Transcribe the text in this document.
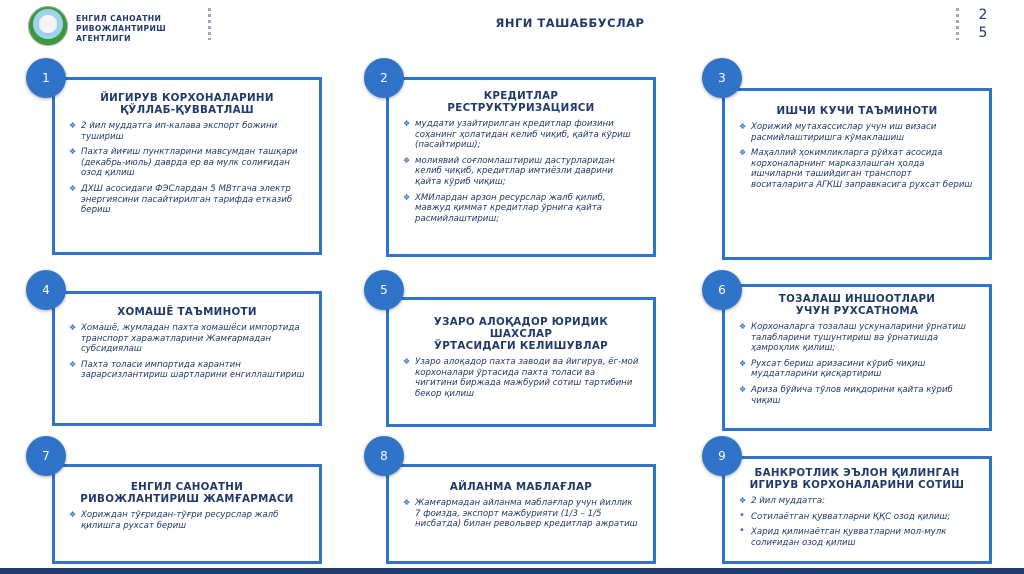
ЕНГИЛ САНОАТНИ
РИВОЖЛАНТИРИШ АГЕНТЛИГИ
ЯНГИ ТАШАББУСЛАР	2
5
1
ЙИГИРУВ КОРХОНАЛАРИНИ
ҚЎЛЛАБ-ҚУВВАТЛАШ
❖ 2 йил муддатга ип-калава экспорт божини тушириш
❖ Пахта йиғиш пунктларини мавсумдан ташқари (декабрь-июль) даврда ер ва мулк солиғидан озод қилиш
❖ ДХШ асосидаги ФЭСлардан 5 МВтгача электр энергиясини пасайтирилган тарифда етказиб бериш
2
КРЕДИТЛАР
РЕСТРУКТУРИЗАЦИЯСИ
❖ муддати узайтирилган кредитлар фоизини соҳанинг ҳолатидан келиб чиқиб, қайта кўриш (пасайтириш);
❖ молиявий соғломлаштириш дастурларидан келиб чиқиб, кредитлар имтиёзли даврини қайта кўриб чиқиш;
❖ ХМИлардан арзон ресурслар жалб қилиб, мавжуд қиммат кредитлар ўрнига қайта расмийлаштириш;
3
ИШЧИ КУЧИ ТАЪМИНОТИ
❖ Хорижий мутахассислар учун иш визаси расмийлаштиришга кўмаклашиш
❖ Маҳаллий ҳокимликларга рўйхат асосида корхоналарнинг марказлашган ҳолда ишчиларни ташийдиган транспорт воситаларига АГКШ заправкасига рухсат бериш
4
ХОМАШЁ ТАЪМИНОТИ
❖ Хомашё, жумладан пахта хомашёси импортида транспорт харажатларини Жамғармадан субсидиялаш
❖ Пахта толаси импортида карантин зарарсизлантириш шартларини енгиллаштириш
5
УЗАРО АЛОҚАДОР ЮРИДИК ШАХСЛАР
ЎРТАСИДАГИ КЕЛИШУВЛАР
❖ Узаро алоқадор пахта заводи ва йигирув, ёг-мой корхоналари ўртасида пахта толаси ва чигитини биржада мажбурий сотиш тартибини бекор қилиш
6
ТОЗАЛАШ ИНШООТЛАРИ
УЧУН РУХСАТНОМА
❖ Корхоналарга тозалаш ускуналарини ўрнатиш талабларини тушунтириш ва ўрнатишда ҳамроҳлик қилиш;
❖ Рухсат бериш аризасини кўриб чиқиш муддатларини қисқартириш
❖ Ариза бўйича тўлов миқдорини қайта кўриб чиқиш
7
ЕНГИЛ САНОАТНИ
РИВОЖЛАНТИРИШ ЖАМҒАРМАСИ
❖ Хориждан тўғридан-тўғри ресурслар жалб қилишга рухсат бериш
8
АЙЛАНМА МАБЛАҒЛАР
❖ Жамғармадан айланма маблағлар учун йиллик 7 фоизда, экспорт мажбурияти (1/3 – 1/5 нисбатда) билан револьвер кредитлар ажратиш
9
БАНКРОТЛИК ЭЪЛОН ҚИЛИНГАН
ИГИРУВ КОРХОНАЛАРИНИ СОТИШ
❖ 2 йил муддатга:
• Сотилаётган қувватларни ҚҚС озод қилиш;
• Харид қилинаётган қувватларни мол-мулк солиғидан озод қилиш
